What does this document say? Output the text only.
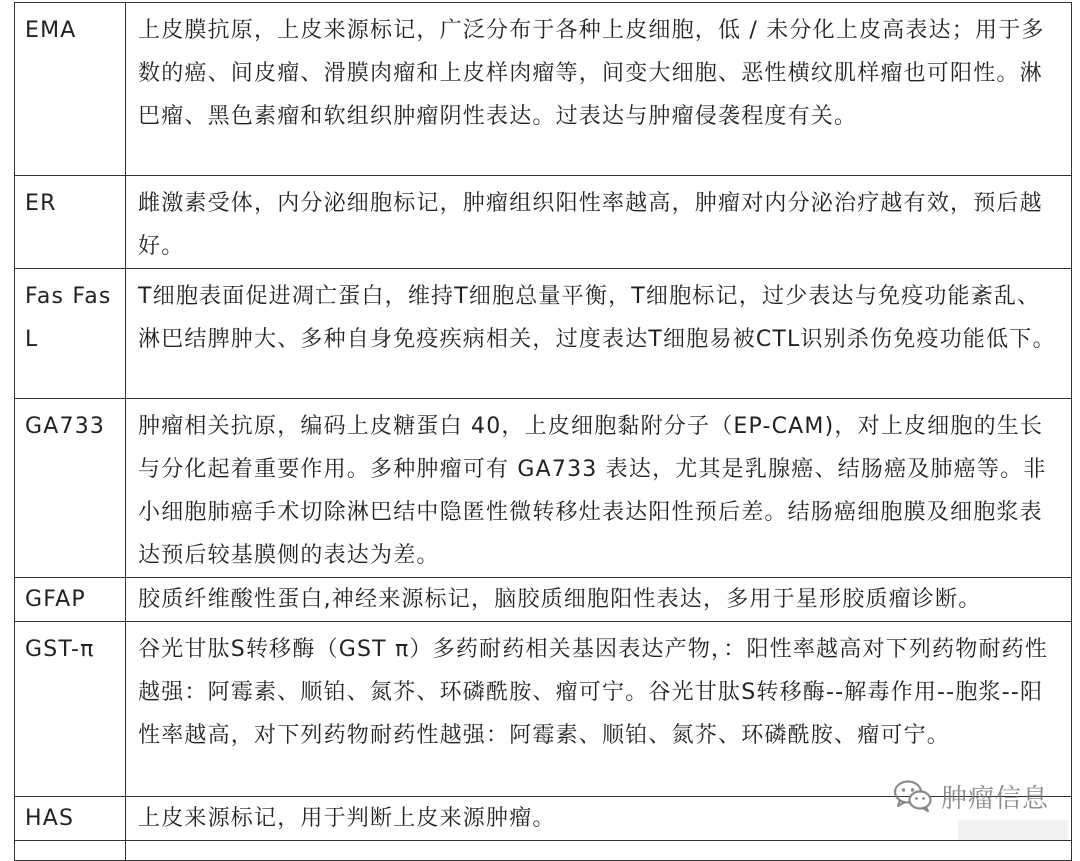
EMA	上皮膜抗原，上皮来源标记，广泛分布于各种上皮细胞，低 / 未分化上皮高表达；用于多数的癌、间皮瘤、滑膜肉瘤和上皮样肉瘤等，间变大细胞、恶性横纹肌样瘤也可阳性。淋巴瘤、黑色素瘤和软组织肿瘤阴性表达。过表达与肿瘤侵袭程度有关。
ER	雌激素受体，内分泌细胞标记，肿瘤组织阳性率越高，肿瘤对内分泌治疗越有效，预后越好。
Fas FasL	T细胞表面促进凋亡蛋白，维持T细胞总量平衡，T细胞标记，过少表达与免疫功能紊乱、淋巴结脾肿大、多种自身免疫疾病相关，过度表达T细胞易被CTL识别杀伤免疫功能低下。
GA733	肿瘤相关抗原，编码上皮糖蛋白 40，上皮细胞黏附分子（EP-CAM)，对上皮细胞的生长与分化起着重要作用。多种肿瘤可有 GA733 表达，尤其是乳腺癌、结肠癌及肺癌等。非小细胞肺癌手术切除淋巴结中隐匿性微转移灶表达阳性预后差。结肠癌细胞膜及细胞浆表达预后较基膜侧的表达为差。
GFAP	胶质纤维酸性蛋白,神经来源标记，脑胶质细胞阳性表达，多用于星形胶质瘤诊断。
GST-π	谷光甘肽S转移酶（GST π）多药耐药相关基因表达产物，：阳性率越高对下列药物耐药性越强：阿霉素、顺铂、氮芥、环磷酰胺、瘤可宁。谷光甘肽S转移酶--解毒作用--胞浆--阳性率越高，对下列药物耐药性越强：阿霉素、顺铂、氮芥、环磷酰胺、瘤可宁。
HAS	上皮来源标记，用于判断上皮来源肿瘤。

肿瘤信息
